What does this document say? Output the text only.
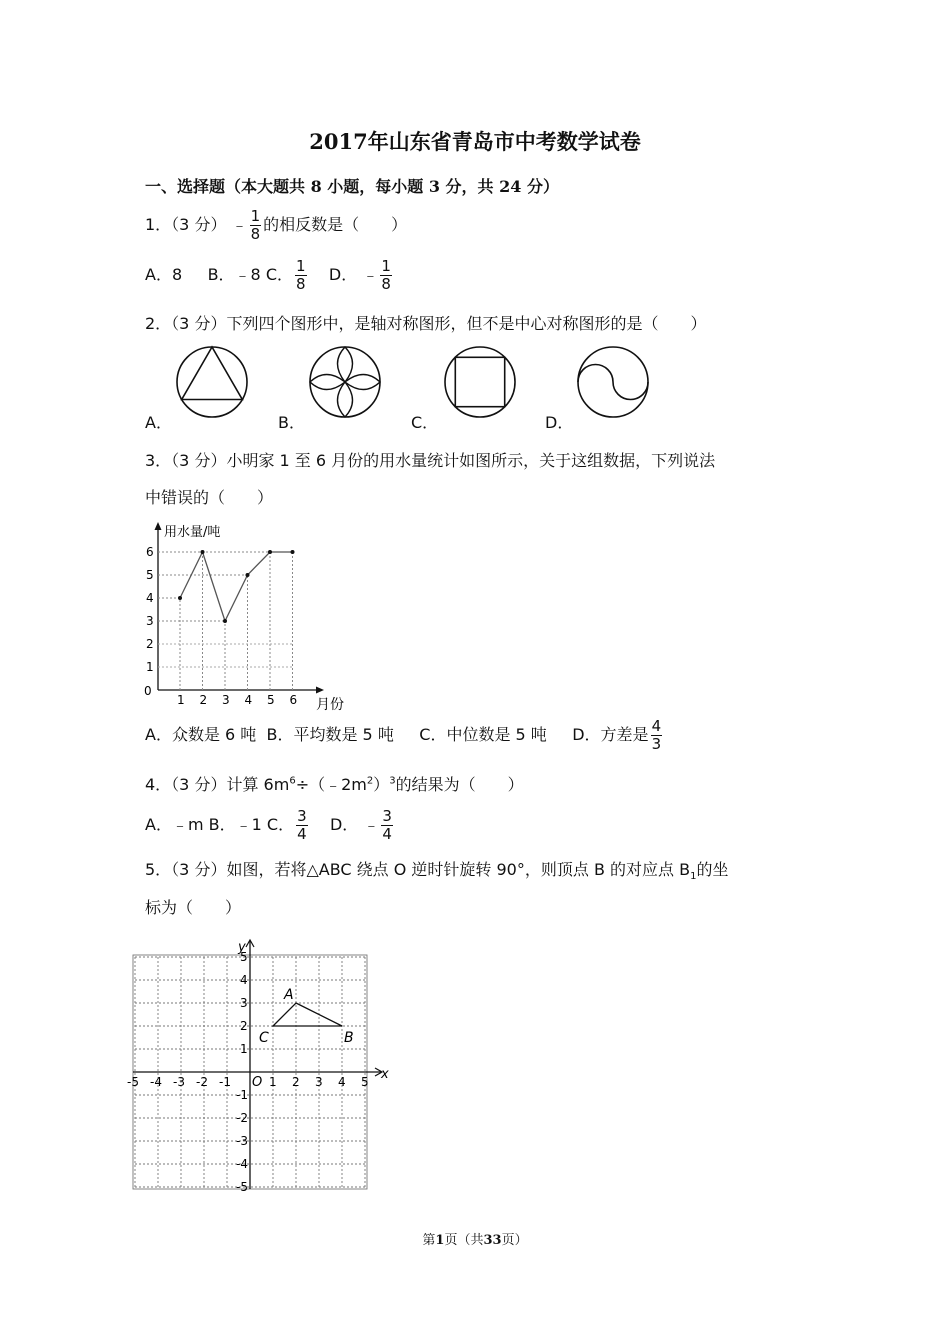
2017年山东省青岛市中考数学试卷
一、选择题（本大题共 8 小题，每小题 3 分，共 24 分）
1．（3 分） ﹣ $\frac{1}{8}$ 的相反数是（　　）
A．8 B．﹣8 C． $\frac{1}{8}$ D． ﹣ $\frac{1}{8}$
2．（3 分）下列四个图形中，是轴对称图形，但不是中心对称图形的是（　　）
A．	B．	C．	D．
3．（3 分）小明家 1 至 6 月份的用水量统计如图所示，关于这组数据，下列说法
中错误的（　　）
用水量/吨
月份
0
1
2
3
4
5
6
1 2 3 4 5 6
A．众数是 6 吨 B．平均数是 5 吨 C．中位数是 5 吨 D．方差是 $\frac{4}{3}$
4．（3 分）计算 $6m^6\div(﹣2m^2)^3$的结果为（　　）
A．﹣m B．﹣1 C． $\frac{3}{4}$ D． ﹣ $\frac{3}{4}$
5．（3 分）如图，若将△ABC 绕点 O 逆时针旋转 90°，则顶点 B 的对应点 $B_1$的坐
标为（　　）
x
y
O
-5 -4 -3 -2 -1	1 2 3 4 5
5
4
3
2
1
-1
-2
-3
-4
-5
A
B
C
第1页（共33页）
